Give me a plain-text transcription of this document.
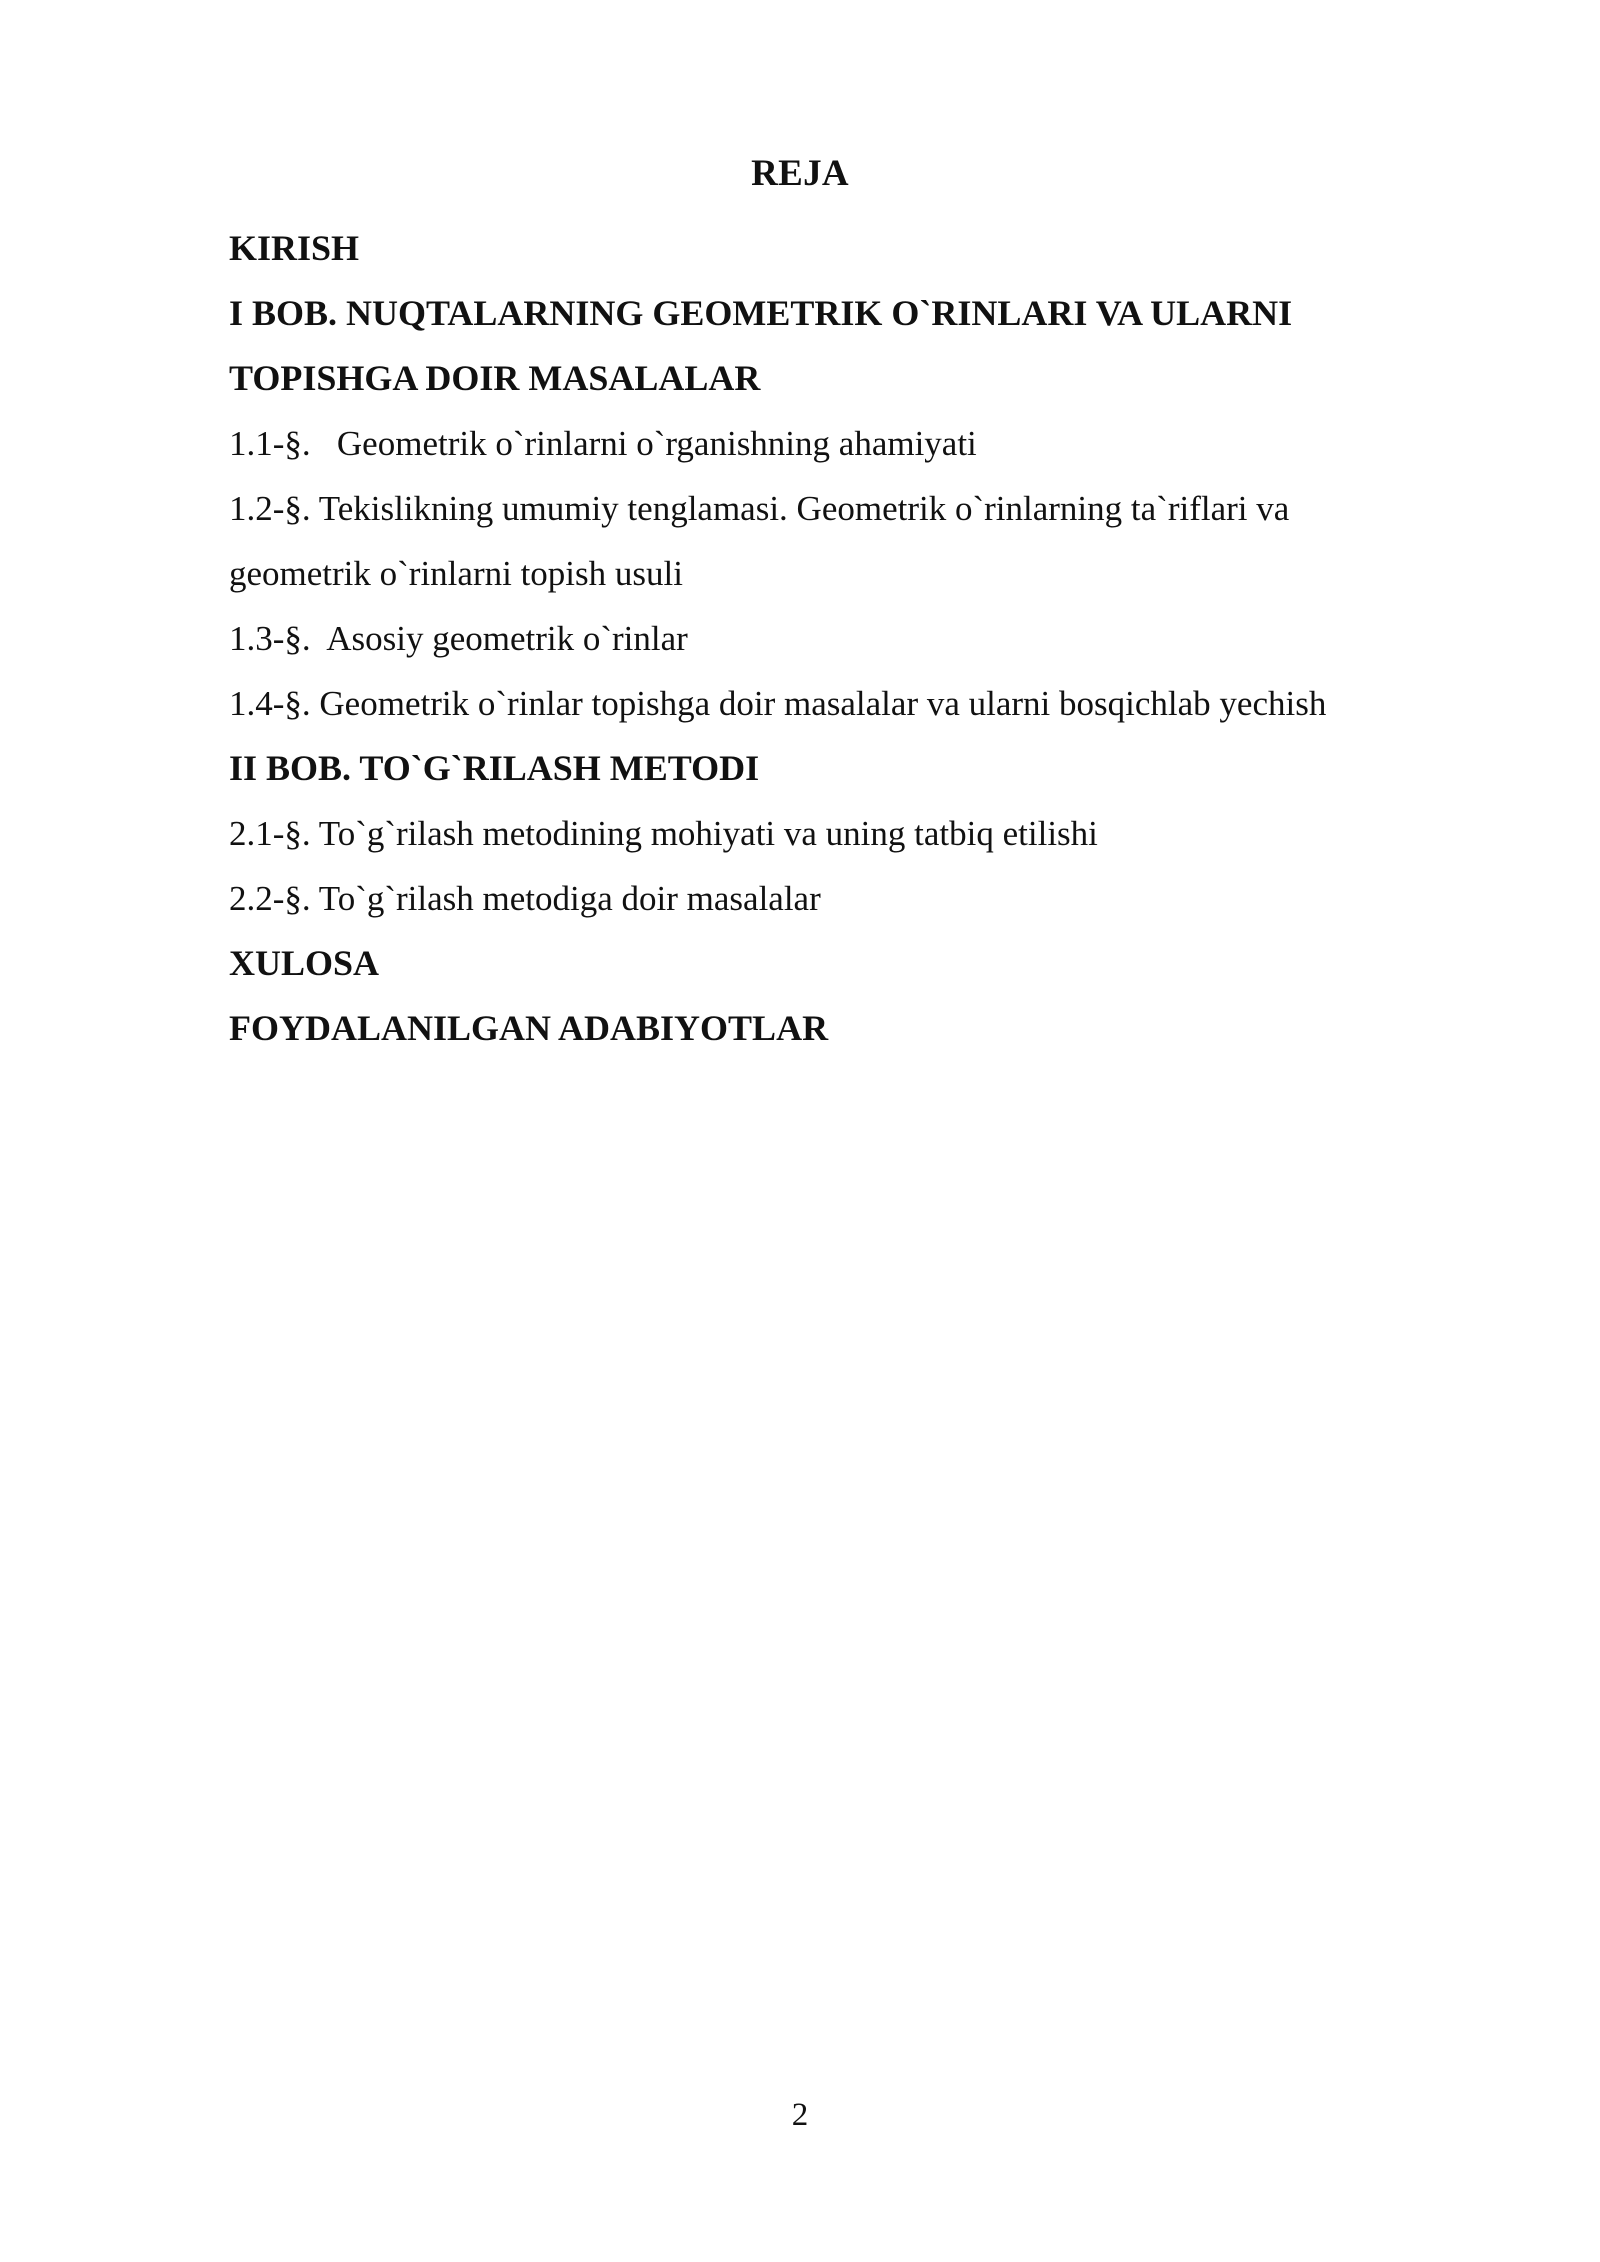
REJA
KIRISH
I BOB. NUQTALARNING GEOMETRIK O`RINLARI VA ULARNI
TOPISHGA DOIR MASALALAR
1.1-§.   Geometrik o`rinlarni o`rganishning ahamiyati
1.2-§. Tekislikning umumiy tenglamasi. Geometrik o`rinlarning ta`riflari va
geometrik o`rinlarni topish usuli
1.3-§.  Asosiy geometrik o`rinlar
1.4-§. Geometrik o`rinlar topishga doir masalalar va ularni bosqichlab yechish
II BOB. TO`G`RILASH METODI
2.1-§. To`g`rilash metodining mohiyati va uning tatbiq etilishi
2.2-§. To`g`rilash metodiga doir masalalar
XULOSA
FOYDALANILGAN ADABIYOTLAR

2
